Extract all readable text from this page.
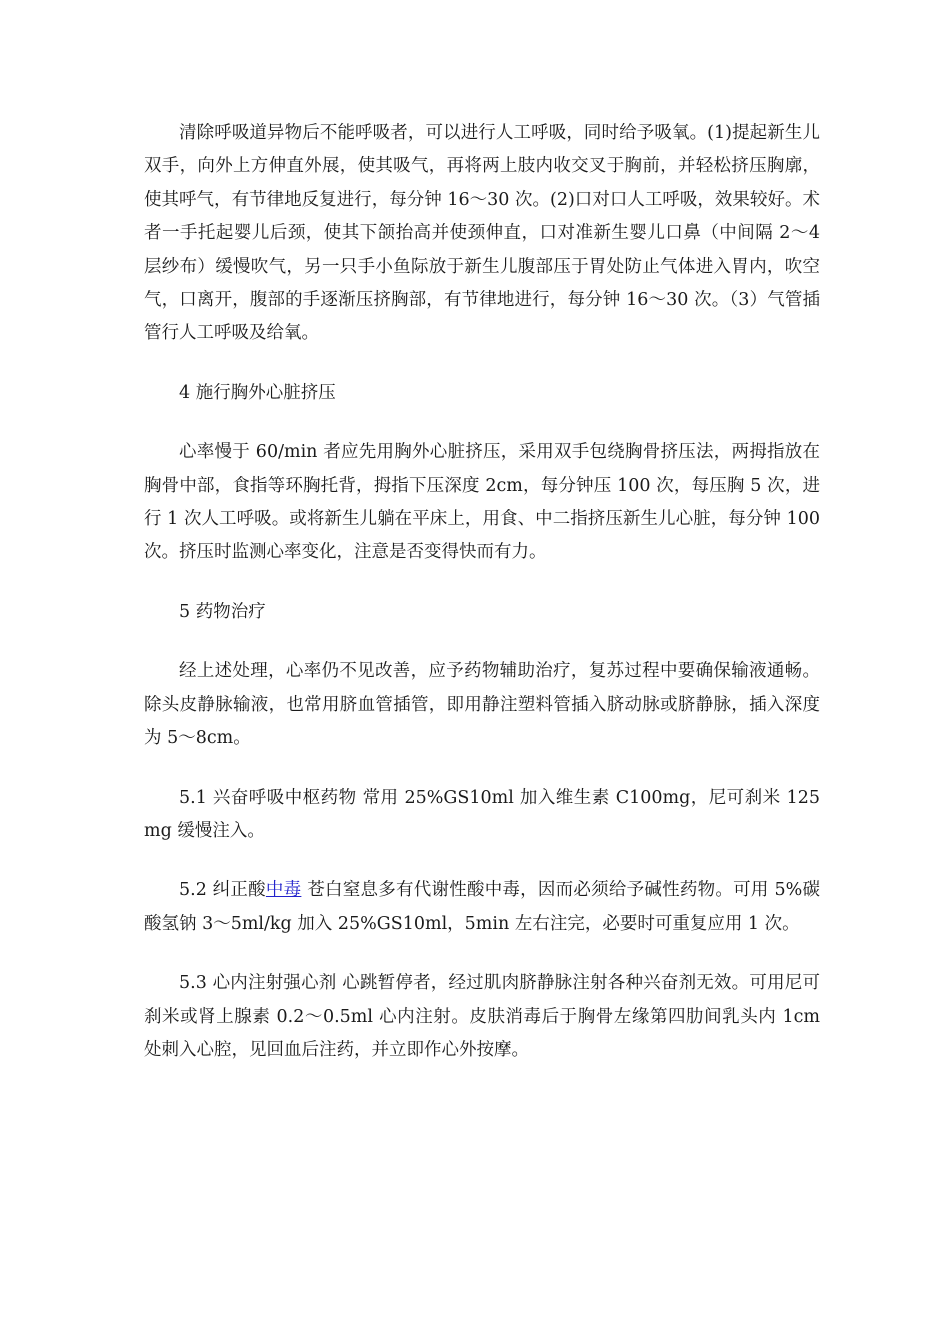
清除呼吸道异物后不能呼吸者，可以进行人工呼吸，同时给予吸氧。(1)提起新生儿双手，向外上方伸直外展，使其吸气，再将两上肢内收交叉于胸前，并轻松挤压胸廓，使其呼气，有节律地反复进行，每分钟 16～30 次。(2)口对口人工呼吸，效果较好。术者一手托起婴儿后颈，使其下颌抬高并使颈伸直，口对准新生婴儿口鼻（中间隔 2～4 层纱布）缓慢吹气，另一只手小鱼际放于新生儿腹部压于胃处防止气体进入胃内，吹空气，口离开，腹部的手逐渐压挤胸部，有节律地进行，每分钟 16～30 次。（3）气管插管行人工呼吸及给氧。

4 施行胸外心脏挤压

心率慢于 60/min 者应先用胸外心脏挤压，采用双手包绕胸骨挤压法，两拇指放在胸骨中部，食指等环胸托背，拇指下压深度 2cm，每分钟压 100 次，每压胸 5 次，进行 1 次人工呼吸。或将新生儿躺在平床上，用食、中二指挤压新生儿心脏，每分钟 100 次。挤压时监测心率变化，注意是否变得快而有力。

5 药物治疗

经上述处理，心率仍不见改善，应予药物辅助治疗，复苏过程中要确保输液通畅。除头皮静脉输液，也常用脐血管插管，即用静注塑料管插入脐动脉或脐静脉，插入深度为 5～8cm。

5.1 兴奋呼吸中枢药物 常用 25%GS10ml 加入维生素 C100mg，尼可刹米 125mg 缓慢注入。

5.2 纠正酸中毒 苍白窒息多有代谢性酸中毒，因而必须给予碱性药物。可用 5%碳酸氢钠 3～5ml/kg 加入 25%GS10ml，5min 左右注完，必要时可重复应用 1 次。

5.3 心内注射强心剂 心跳暂停者，经过肌肉脐静脉注射各种兴奋剂无效。可用尼可刹米或肾上腺素 0.2～0.5ml 心内注射。皮肤消毒后于胸骨左缘第四肋间乳头内 1cm 处刺入心腔，见回血后注药，并立即作心外按摩。
